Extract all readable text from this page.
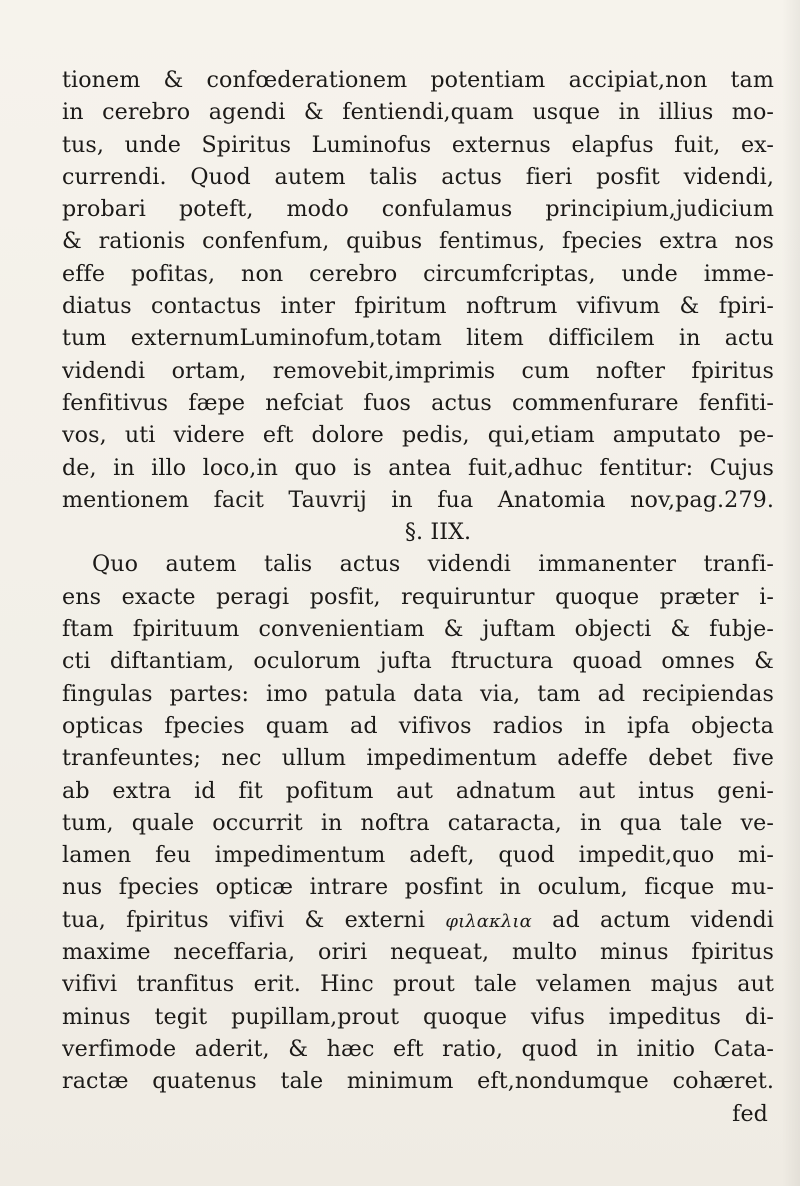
tionem & confœderationem potentiam accipiat,non tam
in cerebro agendi & fentiendi,quam usque in illius mo-
tus, unde Spiritus Luminofus externus elapfus fuit, ex-
currendi. Quod autem talis actus fieri posfit videndi,
probari poteft, modo confulamus principium,judicium
& rationis confenfum, quibus fentimus, fpecies extra nos
effe pofitas, non cerebro circumfcriptas, unde imme-
diatus contactus inter fpiritum noftrum vifivum & fpiri-
tum externumLuminofum,totam litem difficilem in actu
videndi ortam, removebit,imprimis cum nofter fpiritus
fenfitivus fæpe nefciat fuos actus commenfurare fenfiti-
vos, uti videre eft dolore pedis, qui,etiam amputato pe-
de, in illo loco,in quo is antea fuit,adhuc fentitur: Cujus
mentionem facit Tauvrij in fua Anatomia nov,pag.279.
§. IIX.
Quo autem talis actus videndi immanenter tranfi-
ens exacte peragi posfit, requiruntur quoque præter i-
ftam fpirituum convenientiam & juftam objecti & fubje-
cti diftantiam, oculorum jufta ftructura quoad omnes &
fingulas partes: imo patula data via, tam ad recipiendas
opticas fpecies quam ad vifivos radios in ipfa objecta
tranfeuntes; nec ullum impedimentum adeffe debet five
ab extra id fit pofitum aut adnatum aut intus geni-
tum, quale occurrit in noftra cataracta, in qua tale ve-
lamen feu impedimentum adeft, quod impedit,quo mi-
nus fpecies opticæ intrare posfint in oculum, ficque mu-
tua, fpiritus vifivi & externi φιλακλια ad actum videndi
maxime neceffaria, oriri nequeat, multo minus fpiritus
vifivi tranfitus erit. Hinc prout tale velamen majus aut
minus tegit pupillam,prout quoque vifus impeditus di-
verfimode aderit, & hæc eft ratio, quod in initio Cata-
ractæ quatenus tale minimum eft,nondumque cohæret.
fed
